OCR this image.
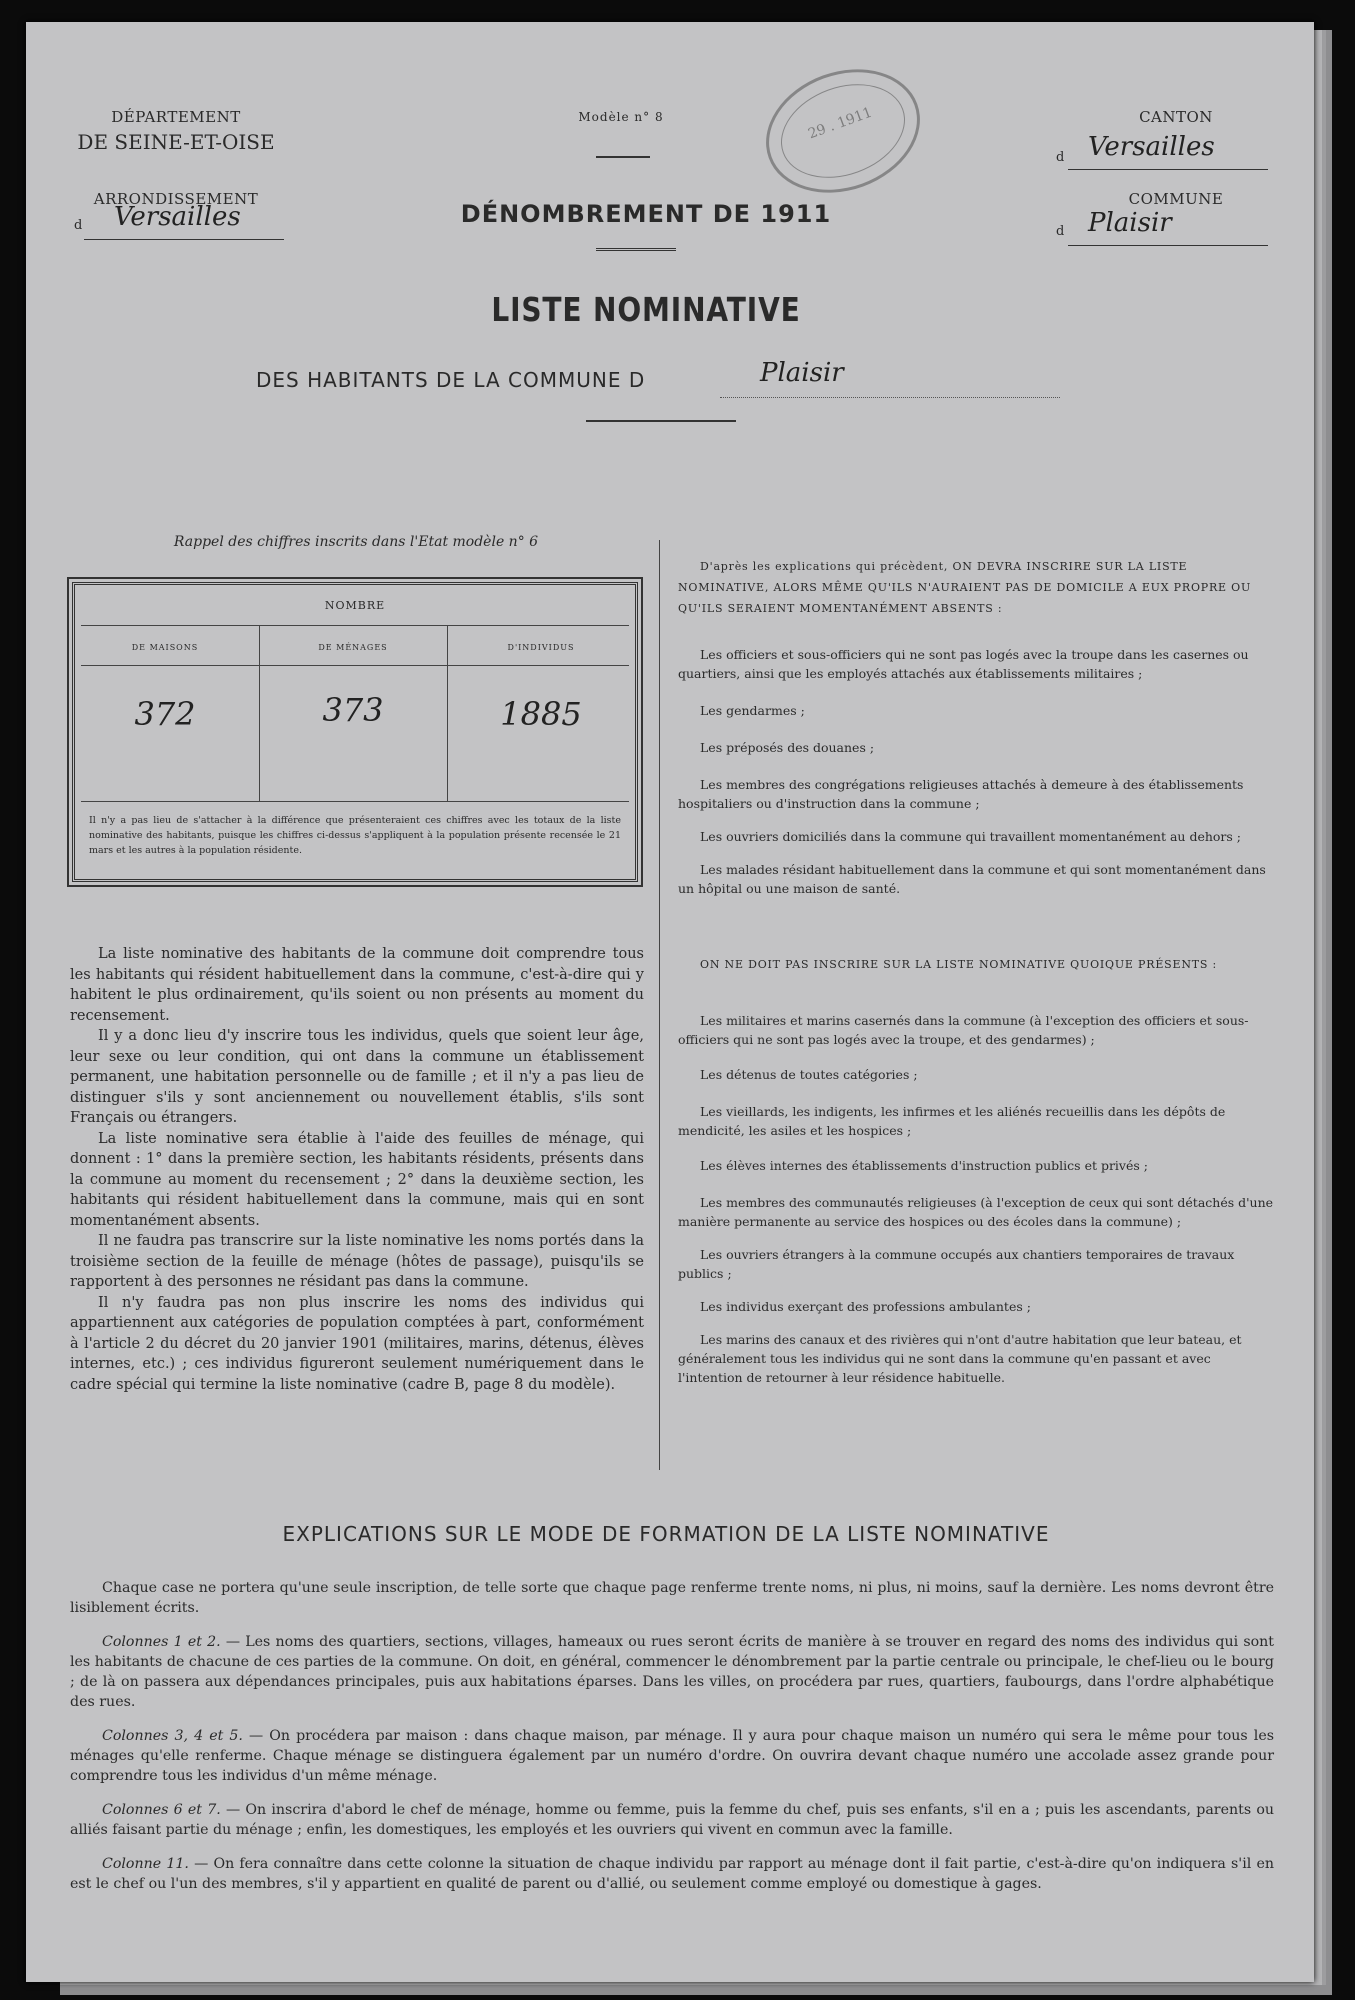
DÉPARTEMENT
DE SEINE-ET-OISE
ARRONDISSEMENT
d	Versailles
Modèle n° 8
DÉNOMBREMENT DE 1911
29 . 1911	CANTON
d Versailles
COMMUNE
d Plaisir
LISTE NOMINATIVE
DES HABITANTS DE LA COMMUNE D	Plaisir
Rappel des chiffres inscrits dans l'Etat modèle n° 6
NOMBRE
DE MAISONS	DE MÉNAGES	D'INDIVIDUS
372	373	1885
Il n'y a pas lieu de s'attacher à la différence que présenteraient ces chiffres avec les totaux de la liste nominative des habitants, puisque les chiffres ci-dessus s'appliquent à la population présente recensée le 21 mars et les autres à la population résidente.

La liste nominative des habitants de la commune doit comprendre tous les habitants qui résident habituellement dans la commune, c'est-à-dire qui y habitent le plus ordinairement, qu'ils soient ou non présents au moment du recensement.

Il y a donc lieu d'y inscrire tous les individus, quels que soient leur âge, leur sexe ou leur condition, qui ont dans la commune un établissement permanent, une habitation personnelle ou de famille ; et il n'y a pas lieu de distinguer s'ils y sont anciennement ou nouvellement établis, s'ils sont Français ou étrangers.

La liste nominative sera établie à l'aide des feuilles de ménage, qui donnent : 1° dans la première section, les habitants résidents, présents dans la commune au moment du recensement ; 2° dans la deuxième section, les habitants qui résident habituellement dans la commune, mais qui en sont momentanément absents.

Il ne faudra pas transcrire sur la liste nominative les noms portés dans la troisième section de la feuille de ménage (hôtes de passage), puisqu'ils se rapportent à des personnes ne résidant pas dans la commune.

Il n'y faudra pas non plus inscrire les noms des individus qui appartiennent aux catégories de population comptées à part, conformément à l'article 2 du décret du 20 janvier 1901 (militaires, marins, détenus, élèves internes, etc.) ; ces individus figureront seulement numériquement dans le cadre spécial qui termine la liste nominative (cadre B, page 8 du modèle).

D'après les explications qui précèdent, ON DEVRA INSCRIRE SUR LA LISTE NOMINATIVE, ALORS MÊME QU'ILS N'AURAIENT PAS DE DOMICILE A EUX PROPRE OU QU'ILS SERAIENT MOMENTANÉMENT ABSENTS :

Les officiers et sous-officiers qui ne sont pas logés avec la troupe dans les casernes ou quartiers, ainsi que les employés attachés aux établissements militaires ;

Les gendarmes ;

Les préposés des douanes ;

Les membres des congrégations religieuses attachés à demeure à des établissements hospitaliers ou d'instruction dans la commune ;

Les ouvriers domiciliés dans la commune qui travaillent momentanément au dehors ;

Les malades résidant habituellement dans la commune et qui sont momentanément dans un hôpital ou une maison de santé.

ON NE DOIT PAS INSCRIRE SUR LA LISTE NOMINATIVE QUOIQUE PRÉSENTS :

Les militaires et marins casernés dans la commune (à l'exception des officiers et sous-officiers qui ne sont pas logés avec la troupe, et des gendarmes) ;

Les détenus de toutes catégories ;

Les vieillards, les indigents, les infirmes et les aliénés recueillis dans les dépôts de mendicité, les asiles et les hospices ;

Les élèves internes des établissements d'instruction publics et privés ;

Les membres des communautés religieuses (à l'exception de ceux qui sont détachés d'une manière permanente au service des hospices ou des écoles dans la commune) ;

Les ouvriers étrangers à la commune occupés aux chantiers temporaires de travaux publics ;

Les individus exerçant des professions ambulantes ;

Les marins des canaux et des rivières qui n'ont d'autre habitation que leur bateau, et généralement tous les individus qui ne sont dans la commune qu'en passant et avec l'intention de retourner à leur résidence habituelle.

EXPLICATIONS SUR LE MODE DE FORMATION DE LA LISTE NOMINATIVE

Chaque case ne portera qu'une seule inscription, de telle sorte que chaque page renferme trente noms, ni plus, ni moins, sauf la dernière. Les noms devront être lisiblement écrits.

Colonnes 1 et 2. — Les noms des quartiers, sections, villages, hameaux ou rues seront écrits de manière à se trouver en regard des noms des individus qui sont les habitants de chacune de ces parties de la commune. On doit, en général, commencer le dénombrement par la partie centrale ou principale, le chef-lieu ou le bourg ; de là on passera aux dépendances principales, puis aux habitations éparses. Dans les villes, on procédera par rues, quartiers, faubourgs, dans l'ordre alphabétique des rues.

Colonnes 3, 4 et 5. — On procédera par maison : dans chaque maison, par ménage. Il y aura pour chaque maison un numéro qui sera le même pour tous les ménages qu'elle renferme. Chaque ménage se distinguera également par un numéro d'ordre. On ouvrira devant chaque numéro une accolade assez grande pour comprendre tous les individus d'un même ménage.

Colonnes 6 et 7. — On inscrira d'abord le chef de ménage, homme ou femme, puis la femme du chef, puis ses enfants, s'il en a ; puis les ascendants, parents ou alliés faisant partie du ménage ; enfin, les domestiques, les employés et les ouvriers qui vivent en commun avec la famille.

Colonne 11. — On fera connaître dans cette colonne la situation de chaque individu par rapport au ménage dont il fait partie, c'est-à-dire qu'on indiquera s'il en est le chef ou l'un des membres, s'il y appartient en qualité de parent ou d'allié, ou seulement comme employé ou domestique à gages.
